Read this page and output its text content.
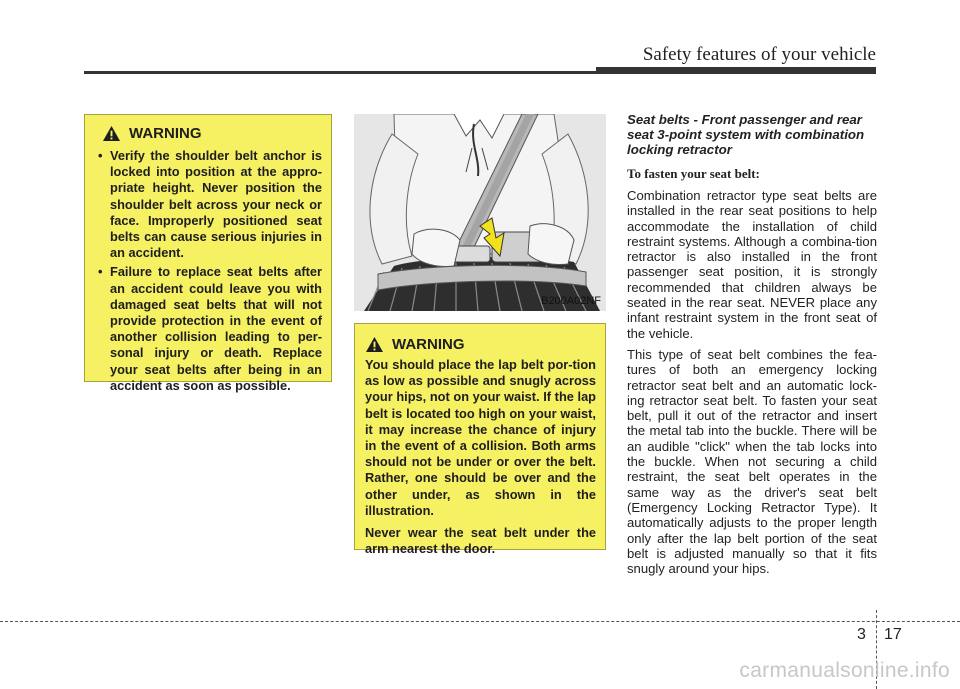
Safety features of your vehicle
WARNING
• Verify the shoulder belt anchor is locked into position at the appro-priate height. Never position the shoulder belt across your neck or face. Improperly positioned seat belts can cause serious injuries in an accident.
• Failure to replace seat belts after an accident could leave you with damaged seat belts that will not provide protection in the event of another collision leading to per-sonal injury or death. Replace your seat belts after being in an accident as soon as possible.
B200A02NF
WARNING

You should place the lap belt por-tion as low as possible and snugly across your hips, not on your waist. If the lap belt is located too high on your waist, it may increase the chance of injury in the event of a collision. Both arms should not be under or over the belt. Rather, one should be over and the other under, as shown in the illustration.

Never wear the seat belt under the arm nearest the door.

Seat belts - Front passenger and rear seat 3-point system with combination locking retractor
To fasten your seat belt:

Combination retractor type seat belts are installed in the rear seat positions to help accommodate the installation of child restraint systems. Although a combina-tion retractor is also installed in the front passenger seat position, it is strongly recommended that children always be seated in the rear seat. NEVER place any infant restraint system in the front seat of the vehicle.

This type of seat belt combines the fea-tures of both an emergency locking retractor seat belt and an automatic lock-ing retractor seat belt. To fasten your seat belt, pull it out of the retractor and insert the metal tab into the buckle. There will be an audible "click" when the tab locks into the buckle. When not securing a child restraint, the seat belt operates in the same way as the driver's seat belt (Emergency Locking Retractor Type). It automatically adjusts to the proper length only after the lap belt portion of the seat belt is adjusted manually so that it fits snugly around your hips.

3 17
carmanualsonline.info
